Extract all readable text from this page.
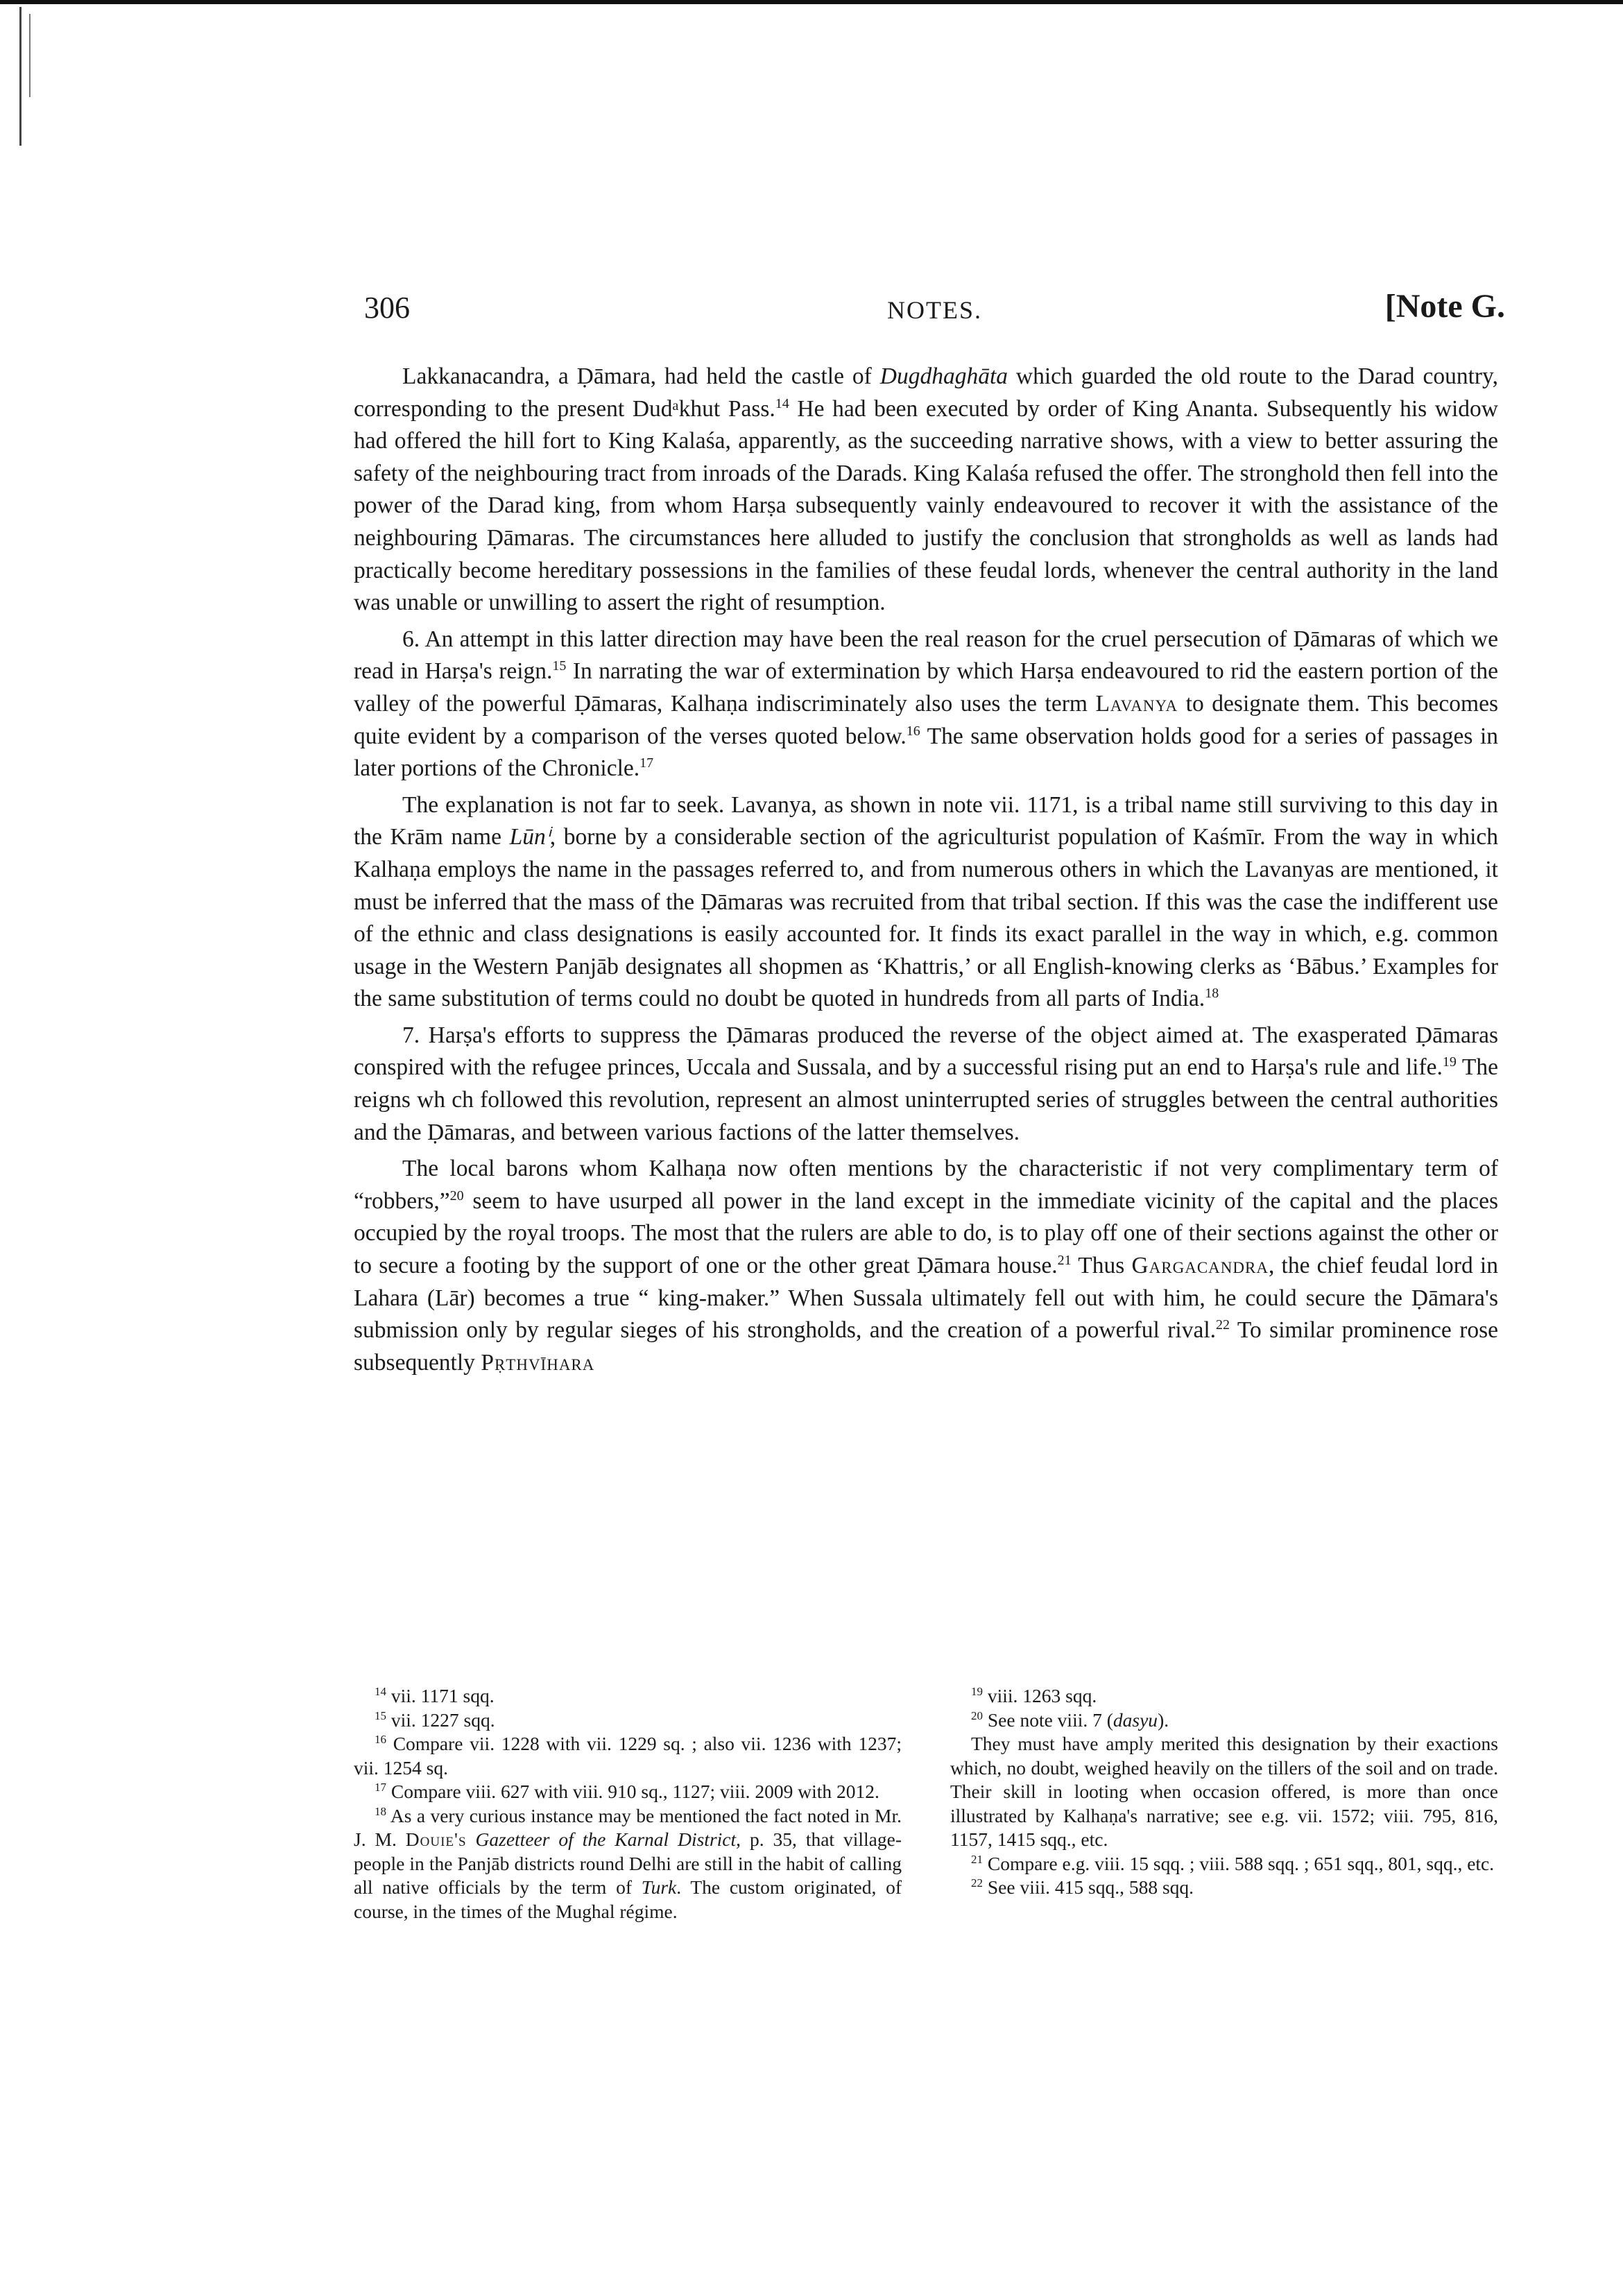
306	NOTES.	[Note G.

Lakkanacandra, a Ḍāmara, had held the castle of Dugdhaghāta which guarded the old route to the Darad country, corresponding to the present Dudᵃkhut Pass.$^{14}$ He had been executed by order of King Ananta. Subsequently his widow had offered the hill fort to King Kalaśa, apparently, as the succeeding narrative shows, with a view to better assuring the safety of the neighbouring tract from inroads of the Darads. King Kalaśa refused the offer. The stronghold then fell into the power of the Darad king, from whom Harṣa subsequently vainly endeavoured to recover it with the assistance of the neighbouring Ḍāmaras. The circumstances here alluded to justify the conclusion that strongholds as well as lands had practically become hereditary possessions in the families of these feudal lords, whenever the central authority in the land was unable or unwilling to assert the right of resumption.

6. An attempt in this latter direction may have been the real reason for the cruel persecution of Ḍāmaras of which we read in Harṣa's reign.$^{15}$ In narrating the war of extermination by which Harṣa endeavoured to rid the eastern portion of the valley of the powerful Ḍāmaras, Kalhaṇa indiscriminately also uses the term Lavanya to designate them. This becomes quite evident by a comparison of the verses quoted below.$^{16}$ The same observation holds good for a series of passages in later portions of the Chronicle.$^{17}$

The explanation is not far to seek. Lavanya, as shown in note vii. 1171, is a tribal name still surviving to this day in the Krām name Lūnⁱ, borne by a considerable section of the agriculturist population of Kaśmīr. From the way in which Kalhaṇa employs the name in the passages referred to, and from numerous others in which the Lavanyas are mentioned, it must be inferred that the mass of the Ḍāmaras was recruited from that tribal section. If this was the case the indifferent use of the ethnic and class designations is easily accounted for. It finds its exact parallel in the way in which, e.g. common usage in the Western Panjāb designates all shopmen as ‘Khattris,’ or all English-knowing clerks as ‘Bābus.’ Examples for the same substitution of terms could no doubt be quoted in hundreds from all parts of India.$^{18}$

7. Harṣa's efforts to suppress the Ḍāmaras produced the reverse of the object aimed at. The exasperated Ḍāmaras conspired with the refugee princes, Uccala and Sussala, and by a successful rising put an end to Harṣa's rule and life.$^{19}$ The reigns wh ch followed this revolution, represent an almost uninterrupted series of struggles between the central authorities and the Ḍāmaras, and between various factions of the latter themselves.

The local barons whom Kalhaṇa now often mentions by the characteristic if not very complimentary term of “robbers,”$^{20}$ seem to have usurped all power in the land except in the immediate vicinity of the capital and the places occupied by the royal troops. The most that the rulers are able to do, is to play off one of their sections against the other or to secure a footing by the support of one or the other great Ḍāmara house.$^{21}$ Thus Gargacandra, the chief feudal lord in Lahara (Lār) becomes a true “ king-maker.” When Sussala ultimately fell out with him, he could secure the Ḍāmara's submission only by regular sieges of his strongholds, and the creation of a powerful rival.$^{22}$ To similar prominence rose subsequently Pṛthvīhara

$^{14}$ vii. 1171 sqq.
$^{15}$ vii. 1227 sqq.
$^{16}$ Compare vii. 1228 with vii. 1229 sq. ; also vii. 1236 with 1237; vii. 1254 sq.
$^{17}$ Compare viii. 627 with viii. 910 sq., 1127; viii. 2009 with 2012.
$^{18}$ As a very curious instance may be mentioned the fact noted in Mr. J. M. Douie's Gazetteer of the Karnal District, p. 35, that village-people in the Panjāb districts round Delhi are still in the habit of calling all native officials by the term of Turk. The custom originated, of course, in the times of the Mughal régime.
$^{19}$ viii. 1263 sqq.
$^{20}$ See note viii. 7 (dasyu).
They must have amply merited this designation by their exactions which, no doubt, weighed heavily on the tillers of the soil and on trade. Their skill in looting when occasion offered, is more than once illustrated by Kalhaṇa's narrative; see e.g. vii. 1572; viii. 795, 816, 1157, 1415 sqq., etc.
$^{21}$ Compare e.g. viii. 15 sqq. ; viii. 588 sqq. ; 651 sqq., 801, sqq., etc.
$^{22}$ See viii. 415 sqq., 588 sqq.
